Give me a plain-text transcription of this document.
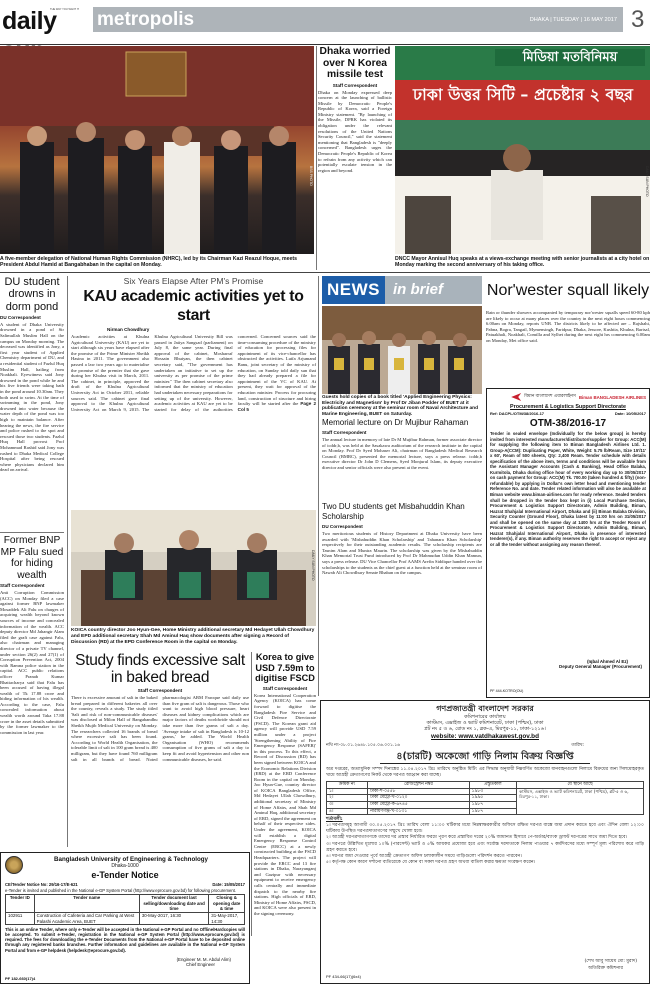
daily
THE WAY YOU WANT IT metropolis	DHAKA | TUESDAY | 16 MAY 2017 3
BSS PHOTO
A five-member delegation of National Human Rights Commission (NHRC), led by its Chairman Kazi Reazul Hoque, meets President Abdul Hamid at Bangabhaban in the capital on Monday.
Dhaka worried over N Korea missile test
Staff Correspondent
Dhaka on Monday expressed deep concern at the launching of ballistic Missile by Democratic People's Republic of Korea, said a Foreign Ministry statement. "By launching of the Missile, DPRK has violated its obligation under the relevant resolutions of the United Nations Security Council," said the statement mentioning that Bangladesh is "deeply concerned". Bangladesh urges the Democratic People's Republic of Korea to refrain from any activity which can potentially escalate tension in the region and beyond.
মিডিয়া মতবিনিময়
ঢাকা উত্তর সিটি – প্রচেষ্টার ২ বছর
DAILY SUN PHOTO
DNCC Mayor Annisul Huq speaks at a views-exchange meeting with senior journalists at a city hotel on Monday marking the second anniversary of his taking office.
DU student drowns in dorm pond
DU Correspondent
A student of Dhaka University drowned in a pond of Sir Salimullah Muslim Hall on the campus on Monday morning. The deceased was identified as Jony, a first year student of Applied Chemistry department of DU, and a residential student of Fazlul Huq Muslim Hall, hailing from Noakhali. Eyewitness said Jony drowned in the pond while he and his five friends were taking bath in the pond around 10.30am. They both used to swim. At the time of swimming in the pond, Jony drowned into water because the water depth of the pond was too high to maintain balance. After hearing the news, the fire service and police rushed to the spot and rescued those two students. Fazlul Huq Hall provost Prof Mohammad Rashid said Jony was rushed to Dhaka Medical College Hospital after being rescued where physicians declared him dead on arrival.
Former BNP MP Falu sued for hiding wealth
Staff Correspondent
Anti Corruption Commission (ACC) on Monday filed a case against former BNP lawmaker Mosaddek Ali Falu on charges of acquiring wealth beyond known sources of income and concealed information of the wealth. ACC deputy director Md Jahangir Alam filed the graft case against Falu, also chairman and managing director of a private TV channel, under section 26(2) and 27(1) of Corruption Prevention Act, 2004 with Ramna police station in the capital. ACC public relations officer Pranab Kumar Bhattacharya said that Falu has been accused of having illegal wealth of Tk 17.88 crore and hiding information of his wealth. According to the case, Falu concealed information about wealth worth around Taka 17.88 crore in the asset details submitted by the former lawmaker to the commission in last year.
Six Years Elapse After PM's Promise
KAU academic activities yet to start
Nirman Chowdhury
Academic activities at Khulna Agricultural University (KAU) are yet to start although six years have elapsed after the promise of the Prime Minister Sheikh Hasina in 2011. The government also passed a law two years ago to materialise the promise of the premier that she gave during her Khulna visit in March, 2011. The cabinet, in principle, approved the draft of the Khulna Agricultural University Act in October 2011, reliable sources said. The cabinet gave final approval to the Khulna Agricultural University Act on March 9, 2015. The Khulna Agricultural University Bill was passed in Jatiya Sangsad (parliament) on July 8, the same year. During final approval of the cabinet, Mosharraf Hossain Bhuiyan, the then cabinet secretary said, "The government has undertaken an initiative to set up the university as per promise of the prime minister." The then cabinet secretary also informed that the ministry of education had undertaken necessary preparations for setting up of the university. However, academic activities at KAU are yet to be started for delay of the authorities concerned. Concerned sources said the time-consuming procedure of the ministry of education for processing files for appointment of its vice-chancellor has obstructed the activities. Lutfa Arjumand Banu, joint secretary of the ministry of education, on Sunday told daily sun that they had already prepared a file for appointment of the VC of KAU. At present, they wait for approval of the education minister. Process for procuring land, construction of structure and hiring faculty will be started after the Page 2 Col 5
DAILY SUN PHOTO
KOICA country director Joo Hyun-Gee, Home Ministry additional secretary Md Hedayet Ullah Chowdhury and EPD additional secretary Shah Md Aminul Haq show documents after signing a Record of Discussion (RD) at the EPD Conference Room in the capital on Monday.
Study finds excessive salt in baked bread
Staff Correspondent
There is excessive amount of salt in the baked bread prepared in different bakeries all over the country, reveals a study. The study titled 'Salt and risk of non-communicable diseases' was disclosed at Milon Hall of Bangabandhu Sheikh Mujib Medical University on Monday. The researchers collected 16 brands of bread where excessive salt has been found. According to World Health Organisation, the tolerable limit of salt in 100 gram bread is 400 milligram, but they have found 760 milligram salt in all brands of bread. Noted pharmacologist ABM Faroque said daily use than five gram of salt is dangerous. Those who want to avoid high blood pressure, heart diseases and kidney complications which are major factors of deaths worldwide should not take more than five grams of salt a day. 'Average intake of salt in Bangladesh is 10-12 grams,' he added. The World Health Organisation (WHO) recommends consumption of five grams of salt a day to keep fit and avoid hypertension and other non communicable diseases, he said.
Korea to give USD 7.59m to digitise FSCD
Staff Correspondent
Korea International Cooperation Agency (KOICA) has come forward to digitise the Bangladesh Fire Service and Civil Defence Directorate (FSCD). The Korean grant aid agency will provide USD 7.59 million under a project 'Strengthening Ability of Fire Emergency Response (SAFER)' in this process. To this effect, a Record of Discussion (RD) has been signed between KOICA and the Economic Relations Division (ERD) at the ERD Conference Room in the capital on Monday. Joo Hyun-Gue, country director of KOICA Bangladesh Office, Md Hedayet Ullah Chowdhury, additional secretary of Ministry of Home Affairs, and Shah Md Aminul Haq, additional secretary of ERD, signed the agreement on behalf of their respective sides. Under the agreement, KOICA will establish a digital Emergency Response Control Centre (ERCC) at a newly constructed building at the FSCD Headquarters. The project will provide the ERCC and 13 fire stations in Dhaka, Narayanganj and Gazipur with necessary equipment to receive emergency calls centrally and immediate dispatch to the nearby fire stations. High officials of ERD, Ministry of Home Affairs, FSCD, and KOICA were also present in the signing ceremony.
Bangladesh University of Engineering & Technology
Dhaka-1000
e-Tender Notice
CE/Tender Notice No: 29/16-17/E-621	Date: 15/05/2017
e-Tender is invited and published in the National e-GP System Portal (http://www.eprocure.gov.bd) for following procurement.
Tender ID	Tender name	Tender document last selling/downloading date and time	Closing & opening date & time
102911	Construction of Cafeteria and Car Parking at West Palashi Academic Area, BUET	30-May-2017, 16:30	31-May-2017, 14:30
This is an online Tender, where only e-Tender will be accepted in the National e-GP Portal and no Offline/Hardcopies will be accepted. To submit e-Tender, registration in the National e-GP System Portal (http://www.eprocure.gov.bd) is required. The fees for downloading the e-Tender Documents from the National e-GP Portal have to be deposited online through any registered banks branches. Further information and guidelines are available in the National e-GP System Portal and from e-GP helpdesk (helpdesk@eprocure.gov.bd).
(Engineer M. M. Abdul Alim)
Chief Engineer
PF 182-660(17)4
NEWS in brief
Guests hold copies of a book titled 'Applied Engineering Physics: Electricity and Magnetism' by Prof Dr Jiban Podder of BUET at it publication ceremony at the seminar room of Naval Architecture and Marine Engineering, BUET on Saturday.
Memorial lecture on Dr Mujibur Rahaman
Staff Correspondent
The annual lecture in memory of late Dr M Mujibur Rahman, former associate director of icddr,b, was held at the Sasakawa auditorium of the research institute in the capital on Monday. Prof Dr Syed Mohaser Ali, chairman of Bangladesh Medical Research Council (BMRC), presented the memorial lecture, says a press release. icddr,b executive director Dr John D Clemens, Syed Monjurul Islam, its deputy executive director and senior officials were also present at the event.
Two DU students get Misbahuddin Khan Scholarship
DU Correspondent
Two meritorious students of History Department at Dhaka University have been awarded with 'Misbahuddin Khan Scholarship' and 'Jahanara Khan Scholarship' respectively for their outstanding academic results. The scholarship recipients are Tasnim Alam and Munira Maurin. The scholarship was given by the Misbahuddin Khan Memorial Trust Fund introduced by Prof Dr Mahmudun Uddin Khan Mamun, says a press release. DU Vice Chancellor Prof AAMS Arefin Siddique handed over the scholarships to the students as the chief guest at a function held at the seminar room of Nawab Ali Chowdhury Senate Bhaban on the campus.
Nor'wester squall likely
Rain or thunder showers accompanied by temporary nor'wester squalls speed 60-80 kph are likely to occur at many places over the country in the next eight hours commencing 6.00am on Monday, reports UNB. The districts likely to be affected are – Rajshahi, Pabna, Bogra, Tangail, Mymensingh, Faridpur, Dhaka, Jessore, Kushtia, Khulna, Barisal, Patuakhali, Noakhali, Comilla and Sylhet during the next eight hrs commencing 6.00am on Monday, Met office said.
বিমান বাংলাদেশ এয়ারলাইনস Biman BANGLADESH AIRLINES
Procurement & Logistics Support Directorate
Ref: DACPL/OTM/38/2016-17	Date: 10/05/2017
OTM-38/2016-17
Tender in sealed envelope (Individually for the below group) is hereby invited from interested manufacturer/distributor/supplier for Group: ACC(M) for supplying the following item to Biman Bangladesh Airlines Ltd. 1. Group-A(CCM): Duplicating Paper, White, Weight: 5.75 lb/Ream, Size 15'/11' x 60', Ream of 500 sheets, Qty: 2,400 Ream. Tender schedule with details specification of the above item, terms and conditions will be available from the Assistant Manager Accounts (Cash & Banking), Head Office Balaka, Kurmitola, Dhaka during office hour of every working day up to 30/05/2017 on cash payment for Group: ACC(M) Tk. 700.00 (taken hundred & fifty) (non-refundable) by applying in Dollar's own letter head and mentioning tender Reference No. and date. Tender related information will also be available at Biman website www.biman-airlines.com for ready reference. Sealed tenders shall be dropped in the tender box kept in (i) Local Purchase Section, Procurement & Logistics Support Directorate, Admin Building, Biman, Hazrat Shahjalal International Airport, Dhaka and (ii) Biman Balaka Division, Security Counter (Ground Floor), Dhaka latest by 11:00 hrs on 31/05/2017 and shall be opened on the same day at 1400 hrs at the Tender Room of Procurement & Logistics Support Directorate, Admin Building, Biman, Hazrat Shahjalal International Airport, Dhaka in presence of interested tenderer(s), if any. Biman authority reserves the right to accept or reject any or all the tender without assigning any reason thereof.
(Iqbal Ahmed Al Ez)
Deputy General Manager (Procurement)
PF 444-KOTRO(OU)
গণপ্রজাতন্ত্রী বাংলাদেশ সরকার
কমিশনারের কার্যালয়
কাস্টমস, এক্সাইজ ও ভ্যাট কমিশনারেট, ঢাকা (পশ্চিম), ঢাকা
প্লট নং ৫ ও ৬, রোড নং ১, ব্লক-এ, মিরপুর-১১, ঢাকা-১২১৬।
website: www.vatdhakawest.gov.bd
নথি নং-০৮.০১.২৬৪৮.১০৫.০৬.০০১.১৬	তারিখ:
৪(চারটি) অকেজো গাড়ি নিলাম বিক্রয় বিজ্ঞপ্তি
অত্র দপ্তরের, অত্যাধুনিক সম্পদ দিনাঙ্কের ১১.০৪.২০১৭ খ্রিঃ তারিখে অনুষ্ঠিত মিটিং এর সিদ্ধান্ত অনুযায়ী নিম্নবর্ণিত অকেজো যানবাহনগুলো নিলামে বিক্রয়ের জন্য সিলমোহরকৃত খামে আগ্রহী ক্রেতাগণের নিকট থেকে দরপত্র আহ্বান করা যাচ্ছে।
ক্রমিক নং	রেজিস্ট্রেশন নম্বর	প্রস্তুতকাল	যে স্থানে আছে
১।	ঢাকা-শ-০৫৫৮	১৯৮৩	কাস্টমস, এক্সাইজ ও ভ্যাট কমিশনারেট, ঢাকা (পশ্চিম), প্লট-৫ ও ৬, মিরপুর-১১, ঢাকা।
২।	ঢাকা মেট্রো-খ-০১২০	১৯৯৫	
৩।	ঢাকা মেট্রো-ক-৬৭৪৫	১৯৮৭	
৪।	নারায়ণগঞ্জ-খ-০১৩১	১৯৮৭	
শর্তাবলী:
১। দরপত্রসমূহ আগামী ৩০.০৫.২০১৭ খ্রিঃ তারিখ বেলা ১১:০০ ঘটিকার মধ্যে নিম্নস্বাক্ষরকারীর অফিসে রক্ষিত দরপত্র বাক্সে জমা প্রদান করতে হবে এবং ঐদিন বেলা ১২:০০ ঘটিকায় উপস্থিত দরপত্রদাতাগণের সম্মুখে খোলা হবে।
২। আগ্রহী দরপত্রদাতাগণকে তাদের দর প্রস্তাব নির্ধারিত ফরমে পূরণ করে প্রস্তাবিত দরের ২০% জামানত হিসাবে পে-অর্ডার/ব্যাংক ড্রাফট দরপত্রের সাথে জমা দিতে হবে।
৩। দরপত্রে উল্লিখিত মূল্যের ১০% (পারসেন্ট) ভ্যাট ও ৫% আয়কর প্রযোজ্য হবে এবং সর্বোচ্চ দরদাতাকে নিলাম পাওয়ার ৭ কর্মদিবসের মধ্যে সম্পূর্ণ মূল্য পরিশোধ করে গাড়ি গ্রহণ করতে হবে।
৪। দরপত্র জমা দেওয়ার পূর্বে আগ্রহী ক্রেতাগণ অফিস চলাকালীন সময়ে গাড়িগুলো পরিদর্শন করতে পারবেন।
৫। কর্তৃপক্ষ কোন কারণ দর্শানো ব্যতিরেকে যে কোন বা সকল দরপত্র গ্রহণ অথবা বাতিল করার ক্ষমতা সংরক্ষণ করেন।
(শেখ আবু সায়েম মো: মুরাদ)
অতিরিক্ত কমিশনার
PF 434-66(17)(6x4)
